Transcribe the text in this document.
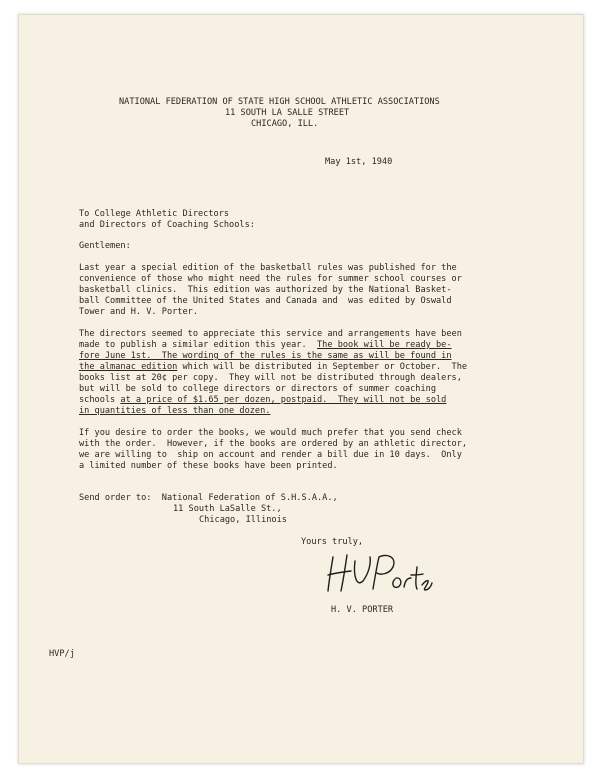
NATIONAL FEDERATION OF STATE HIGH SCHOOL ATHLETIC ASSOCIATIONS
11 SOUTH LA SALLE STREET
CHICAGO, ILL.
May 1st, 1940
To College Athletic Directors
and Directors of Coaching Schools:
Gentlemen:
Last year a special edition of the basketball rules was published for the
convenience of those who might need the rules for summer school courses or
basketball clinics.  This edition was authorized by the National Basket-
ball Committee of the United States and Canada and  was edited by Oswald
Tower and H. V. Porter.
The directors seemed to appreciate this service and arrangements have been
made to publish a similar edition this year.  The book will be ready be-
fore June 1st.  The wording of the rules is the same as will be found in
the almanac edition which will be distributed in September or October.  The
books list at 20¢ per copy.  They will not be distributed through dealers,
but will be sold to college directors or directors of summer coaching
schools at a price of $1.65 per dozen, postpaid.  They will not be sold
in quantities of less than one dozen.
If you desire to order the books, we would much prefer that you send check
with the order.  However, if the books are ordered by an athletic director,
we are willing to  ship on account and render a bill due in 10 days.  Only
a limited number of these books have been printed.
Send order to:  National Federation of S.H.S.A.A.,
11 South LaSalle St.,
Chicago, Illinois
Yours truly,
H. V. PORTER
HVP/j
